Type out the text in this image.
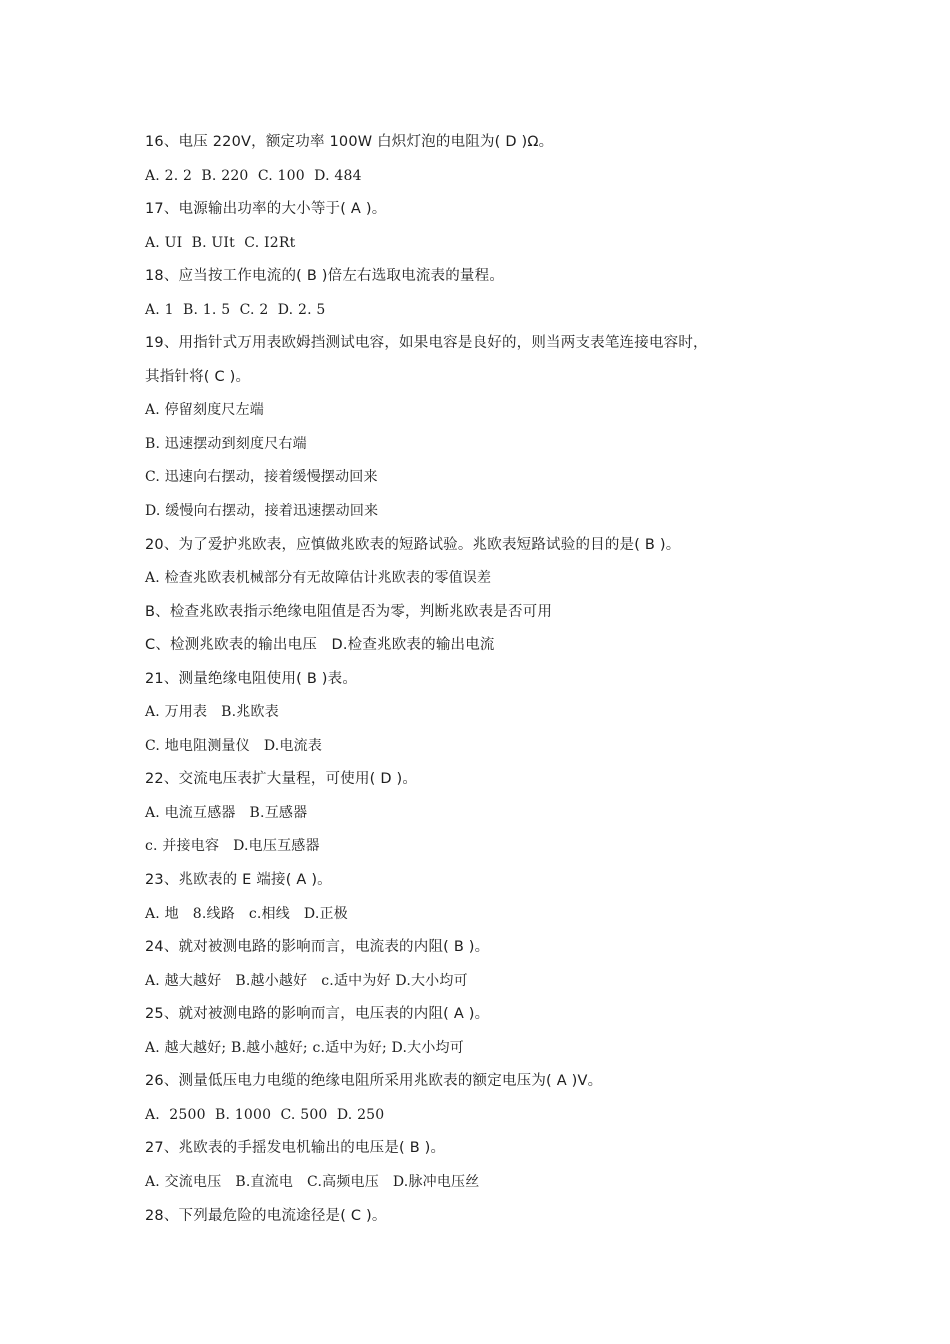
16、电压 220V，额定功率 100W 白炽灯泡的电阻为( D )Ω。
A. 2. 2  B. 220  C. 100  D. 484
17、电源输出功率的大小等于( A )。
A. UI  B. UIt  C. I2Rt
18、应当按工作电流的( B )倍左右选取电流表的量程。
A. 1  B. 1. 5  C. 2  D. 2. 5
19、用指针式万用表欧姆挡测试电容，如果电容是良好的，则当两支表笔连接电容时，
其指针将( C )。
A. 停留刻度尺左端
B. 迅速摆动到刻度尺右端
C. 迅速向右摆动，接着缓慢摆动回来
D. 缓慢向右摆动，接着迅速摆动回来
20、为了爱护兆欧表，应慎做兆欧表的短路试验。兆欧表短路试验的目的是( B )。
A. 检查兆欧表机械部分有无故障估计兆欧表的零值误差
B、检查兆欧表指示绝缘电阻值是否为零，判断兆欧表是否可用
C、检测兆欧表的输出电压   D.检查兆欧表的输出电流
21、测量绝缘电阻使用( B )表。
A. 万用表   B.兆欧表
C. 地电阻测量仪   D.电流表
22、交流电压表扩大量程，可使用( D )。
A. 电流互感器   B.互感器
c. 并接电容   D.电压互感器
23、兆欧表的 E 端接( A )。
A. 地   8.线路   c.相线   D.正极
24、就对被测电路的影响而言，电流表的内阻( B )。
A. 越大越好   B.越小越好   c.适中为好 D.大小均可
25、就对被测电路的影响而言，电压表的内阻( A )。
A. 越大越好; B.越小越好; c.适中为好; D.大小均可
26、测量低压电力电缆的绝缘电阻所采用兆欧表的额定电压为( A )V。
A.  2500  B. 1000  C. 500  D. 250
27、兆欧表的手摇发电机输出的电压是( B )。
A. 交流电压   B.直流电   C.高频电压   D.脉冲电压丝
28、下列最危险的电流途径是( C )。
